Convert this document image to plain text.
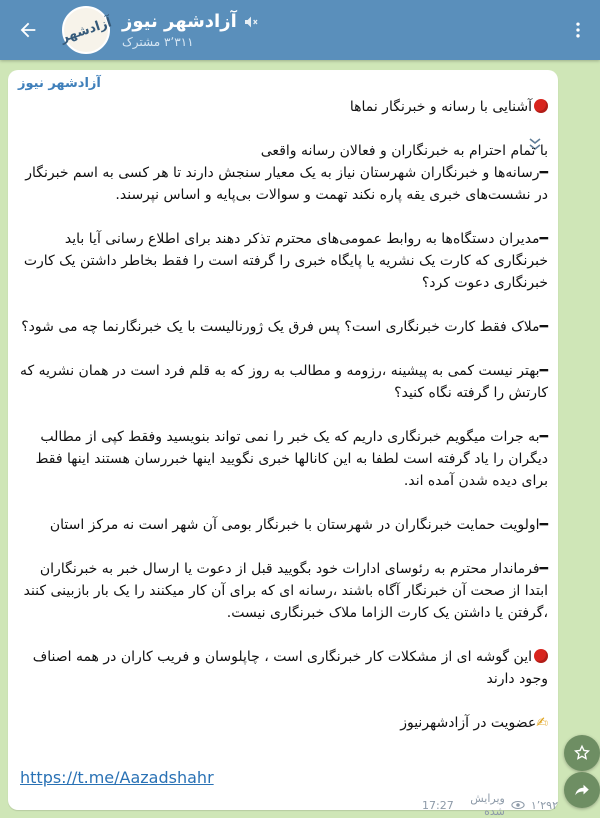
آزادشهر آزادشهر نیوز
۳٬۳۱۱ مشترک
آزادشهر نیوز
آشنایی با رسانه و خبرنگار نماها
با تمام احترام به خبرنگاران و فعالان رسانه واقعی
━رسانه‌ها و خبرنگاران شهرستان نیاز به یک معیار سنجش دارند تا هر کسی به اسم خبرنگار در نشست‌های خبری یقه پاره نکند تهمت و سوالات بی‌پایه و اساس نپرسند.
━مدیران دستگاه‌ها به روابط عمومی‌های محترم تذکر دهند برای اطلاع رسانی آیا باید خبرنگاری که کارت یک نشریه یا پایگاه خبری را گرفته است را فقط بخاطر داشتن یک کارت خبرنگاری دعوت کرد؟
━ملاک فقط کارت خبرنگاری است؟ پس فرق یک ژورنالیست با یک خبرنگارنما چه می شود؟
━بهتر نیست کمی به پیشینه ،رزومه و مطالب به روز که به قلم فرد است در همان نشریه که کارتش را گرفته نگاه کنید؟
━به جرات میگویم خبرنگاری داریم که یک خبر را نمی تواند بنویسید وفقط کپی از مطالب دیگران را یاد گرفته است لطفا به این کانالها خبری نگویید اینها خبررسان هستند اینها فقط برای دیده شدن آمده اند.
━اولویت حمایت خبرنگاران در شهرستان با خبرنگار بومی آن شهر است نه مرکز استان
━فرماندار محترم به رئوسای ادارات خود بگویید قبل از دعوت یا ارسال خبر به خبرنگاران ابتدا از صحت آن خبرنگار آگاه باشند ،رسانه ای که برای آن کار میکنند را یک بار بازبینی کنند ،گرفتن یا داشتن یک کارت الزاما ملاک خبرنگاری نیست.
این گوشه ای از مشکلات کار خبرنگاری است ، چاپلوسان و فریب کاران در همه اصناف وجود دارند
✍عضویت در آزادشهرنیوز
https://t.me/Aazadshahr
۱٬۲۹۲
ویرایش شده
17:27
